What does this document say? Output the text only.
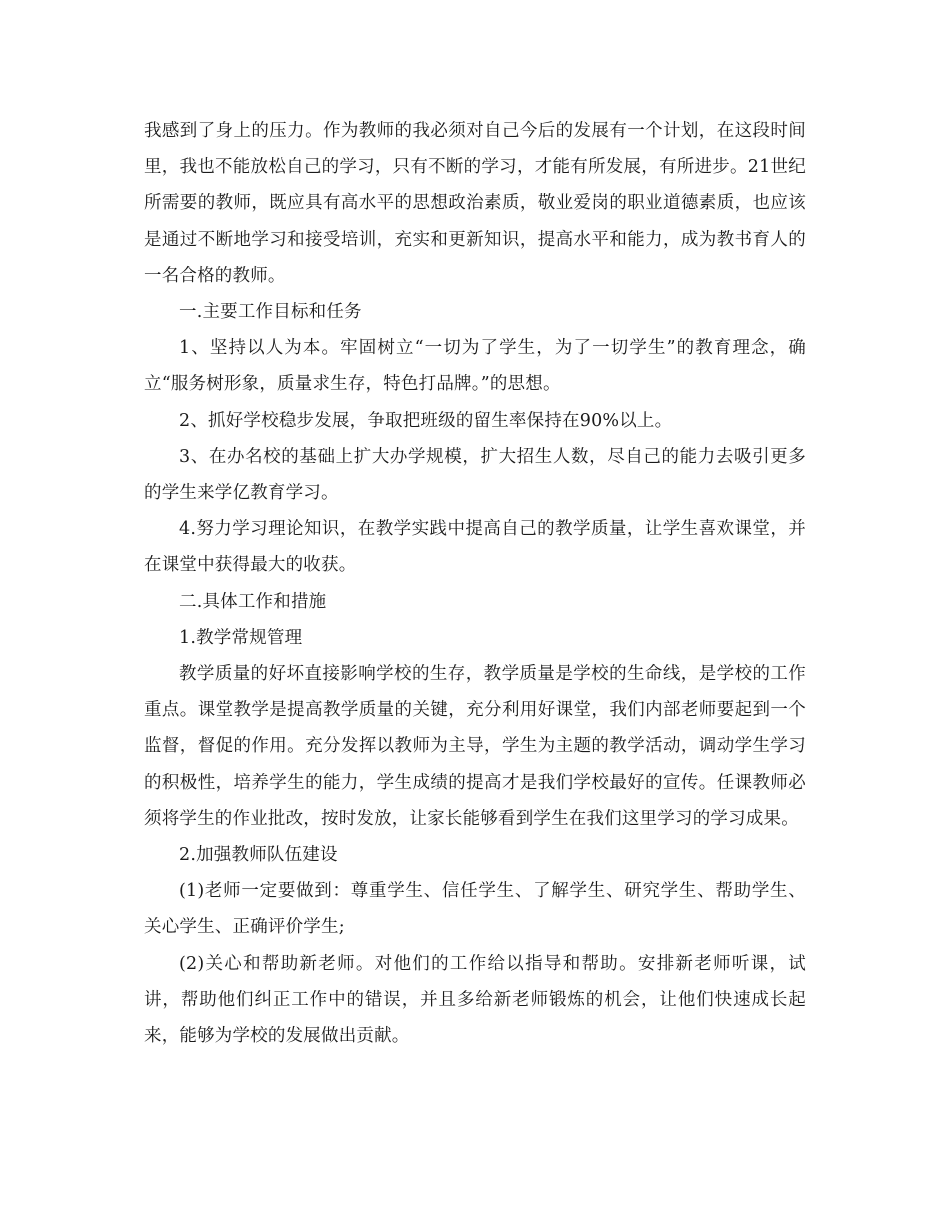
我感到了身上的压力。作为教师的我必须对自己今后的发展有一个计划，在这段时间里，我也不能放松自己的学习，只有不断的学习，才能有所发展，有所进步。21世纪所需要的教师，既应具有高水平的思想政治素质，敬业爱岗的职业道德素质，也应该是通过不断地学习和接受培训，充实和更新知识，提高水平和能力，成为教书育人的一名合格的教师。

一.主要工作目标和任务

1、坚持以人为本。牢固树立“一切为了学生，为了一切学生”的教育理念，确立“服务树形象，质量求生存，特色打品牌。”的思想。

2、抓好学校稳步发展，争取把班级的留生率保持在90%以上。

3、在办名校的基础上扩大办学规模，扩大招生人数，尽自己的能力去吸引更多的学生来学亿教育学习。

4.努力学习理论知识，在教学实践中提高自己的教学质量，让学生喜欢课堂，并在课堂中获得最大的收获。

二.具体工作和措施

1.教学常规管理

教学质量的好坏直接影响学校的生存，教学质量是学校的生命线，是学校的工作重点。课堂教学是提高教学质量的关键，充分利用好课堂，我们内部老师要起到一个监督，督促的作用。充分发挥以教师为主导，学生为主题的教学活动，调动学生学习的积极性，培养学生的能力，学生成绩的提高才是我们学校最好的宣传。任课教师必须将学生的作业批改，按时发放，让家长能够看到学生在我们这里学习的学习成果。

2.加强教师队伍建设

(1)老师一定要做到：尊重学生、信任学生、了解学生、研究学生、帮助学生、关心学生、正确评价学生;

(2)关心和帮助新老师。对他们的工作给以指导和帮助。安排新老师听课，试讲，帮助他们纠正工作中的错误，并且多给新老师锻炼的机会，让他们快速成长起来，能够为学校的发展做出贡献。
